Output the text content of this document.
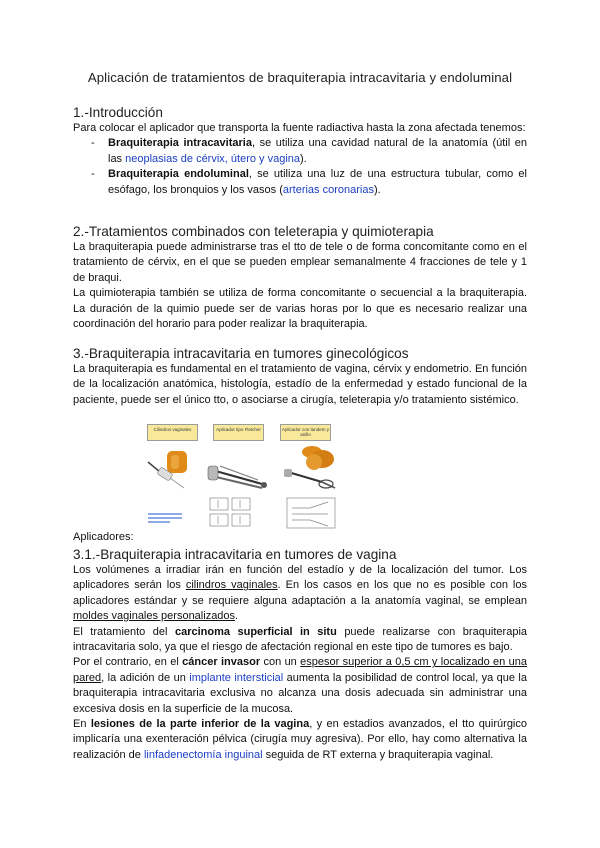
Aplicación de tratamientos de braquiterapia intracavitaria y endoluminal
1.-Introducción

Para colocar el aplicador que transporta la fuente radiactiva hasta la zona afectada tenemos:

- Braquiterapia intracavitaria, se utiliza una cavidad natural de la anatomía (útil en las neoplasias de cérvix, útero y vagina).
- Braquiterapia endoluminal, se utiliza una luz de una estructura tubular, como el esófago, los bronquios y los vasos (arterias coronarias).
2.-Tratamientos combinados con teleterapia y quimioterapia

La braquiterapia puede administrarse tras el tto de tele o de forma concomitante como en el tratamiento de cérvix, en el que se pueden emplear semanalmente 4 fracciones de tele y 1 de braqui.

La quimioterapia también se utiliza de forma concomitante o secuencial a la braquiterapia. La duración de la quimio puede ser de varias horas por lo que es necesario realizar una coordinación del horario para poder realizar la braquiterapia.

3.-Braquiterapia intracavitaria en tumores ginecológicos

La braquiterapia es fundamental en el tratamiento de vagina, cérvix y endometrio. En función de la localización anatómica, histología, estadío de la enfermedad y estado funcional de la paciente, puede ser el único tto, o asociarse a cirugía, teleterapia y/o tratamiento sistémico.

Cilindros vaginales	Aplicador tipo Fletcher	Aplicador con tandem y anillo
Aplicadores:
3.1.-Braquiterapia intracavitaria en tumores de vagina

Los volúmenes a irradiar irán en función del estadío y de la localización del tumor. Los aplicadores serán los cilindros vaginales. En los casos en los que no es posible con los aplicadores estándar y se requiere alguna adaptación a la anatomía vaginal, se emplean moldes vaginales personalizados.

El tratamiento del carcinoma superficial in situ puede realizarse con braquiterapia intracavitaria solo, ya que el riesgo de afectación regional en este tipo de tumores es bajo.

Por el contrario, en el cáncer invasor con un espesor superior a 0,5 cm y localizado en una pared, la adición de un implante intersticial aumenta la posibilidad de control local, ya que la braquiterapia intracavitaria exclusiva no alcanza una dosis adecuada sin administrar una excesiva dosis en la superficie de la mucosa.

En lesiones de la parte inferior de la vagina, y en estadios avanzados, el tto quirúrgico implicaría una exenteración pélvica (cirugía muy agresiva). Por ello, hay como alternativa la realización de linfadenectomía inguinal seguida de RT externa y braquiterapia vaginal.
